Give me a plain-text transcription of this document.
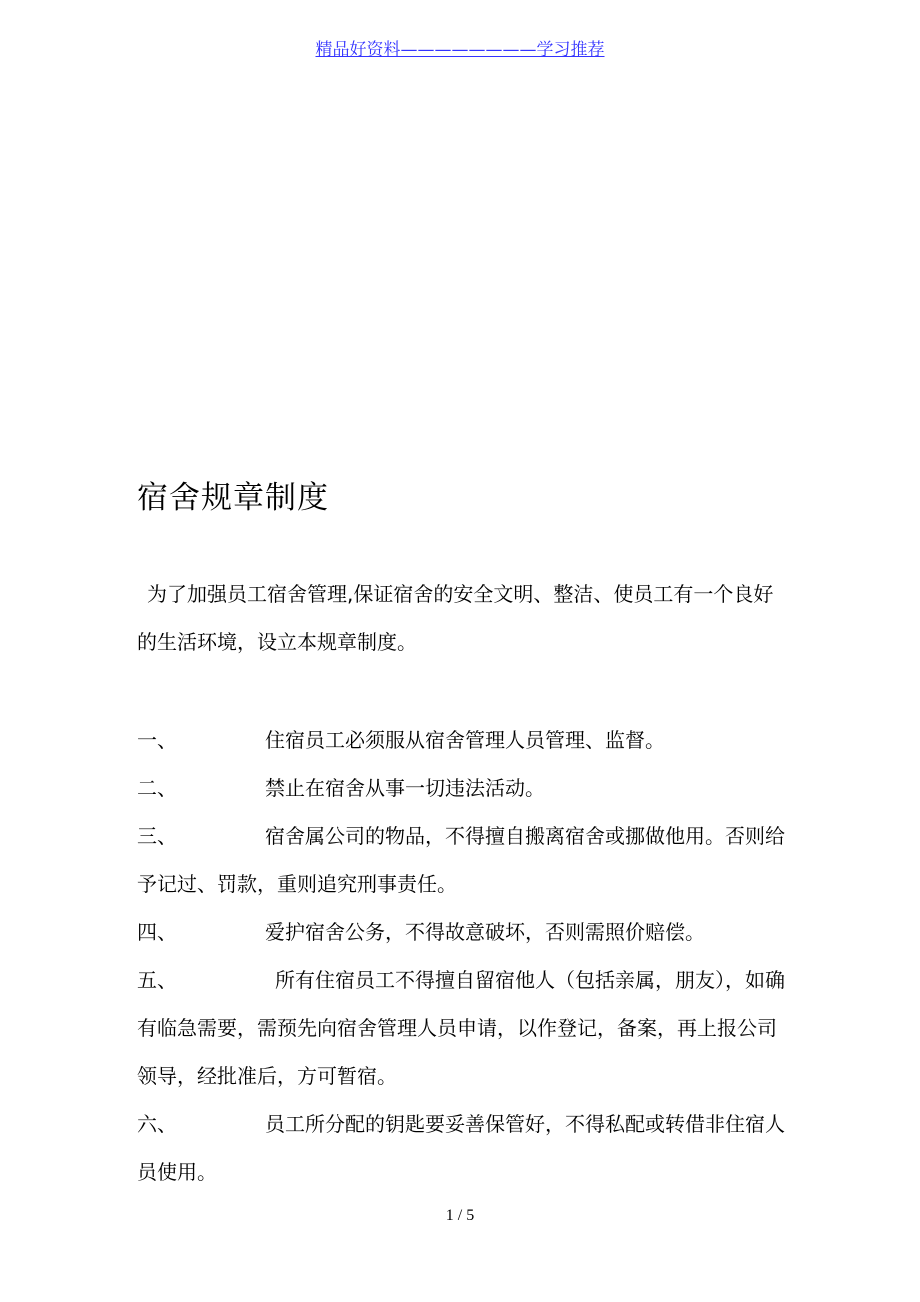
精品好资料————————学习推荐
宿舍规章制度

为了加强员工宿舍管理,保证宿舍的安全文明、整洁、使员工有一个良好的生活环境，设立本规章制度。

一、	住宿员工必须服从宿舍管理人员管理、监督。

二、	禁止在宿舍从事一切违法活动。

三、	宿舍属公司的物品，不得擅自搬离宿舍或挪做他用。否则给予记过、罚款，重则追究刑事责任。

四、	爱护宿舍公务，不得故意破坏，否则需照价赔偿。

五、	所有住宿员工不得擅自留宿他人（包括亲属，朋友），如确有临急需要，需预先向宿舍管理人员申请，以作登记，备案，再上报公司领导，经批准后，方可暂宿。

六、	员工所分配的钥匙要妥善保管好，不得私配或转借非住宿人员使用。

1 / 5
